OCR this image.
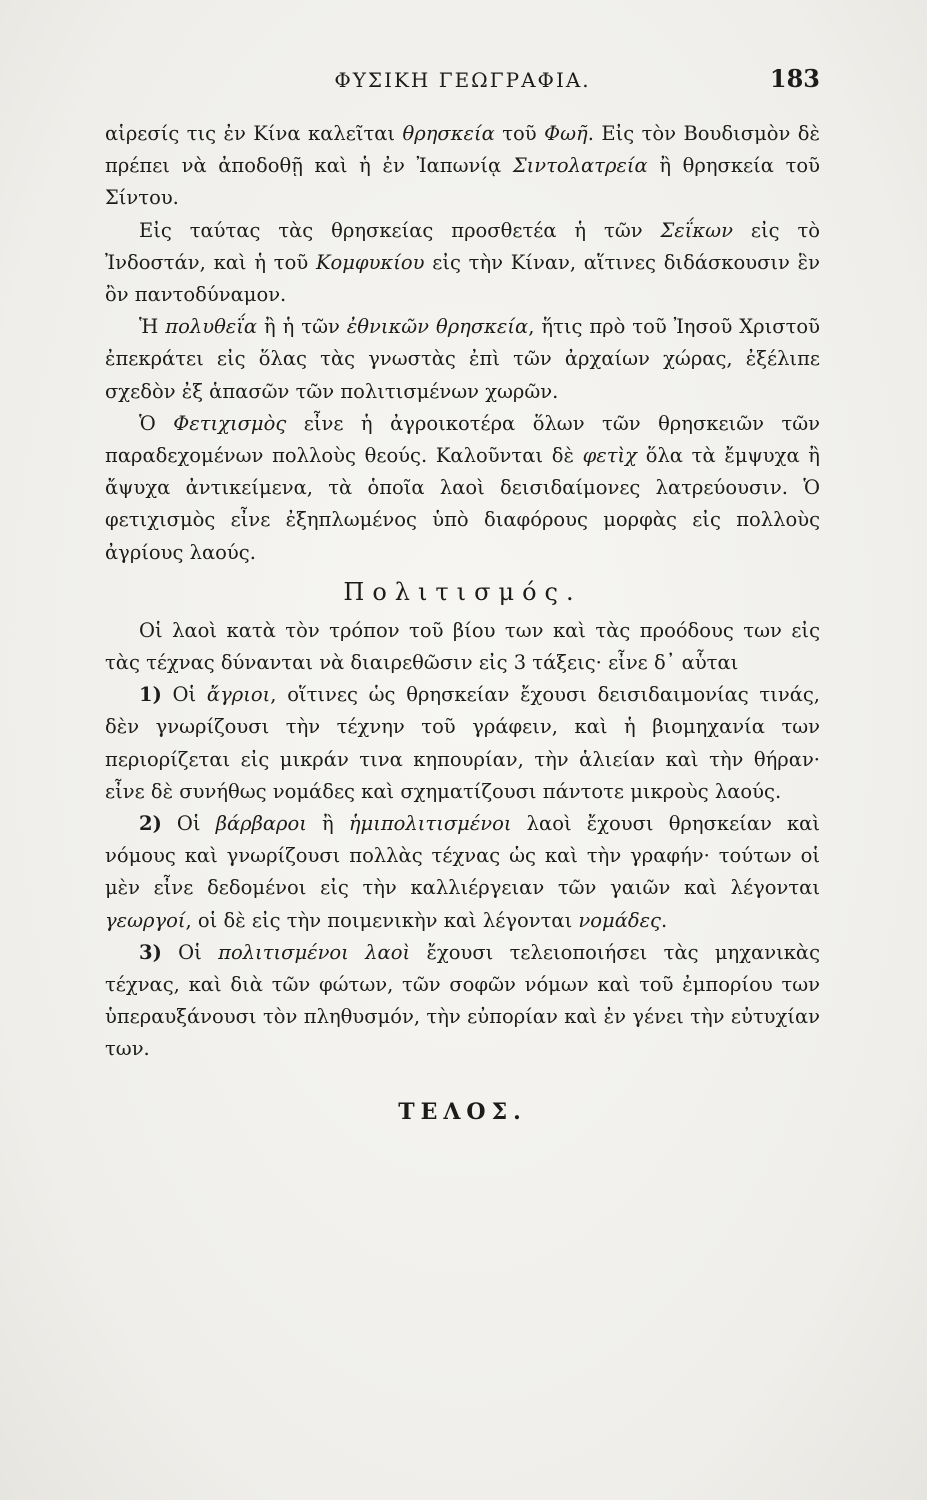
ΦΥΣΙΚΗ ΓΕΩΓΡΑΦΙΑ.	183

αἱρεσίς τις ἐν Κίνα καλεῖται θρησκεία τοῦ Φωῆ. Εἰς τὸν Βουδισμὸν δὲ πρέπει νὰ ἀποδοθῇ καὶ ἡ ἐν Ἰαπωνίᾳ Σιντολατρεία ἢ θρησκεία τοῦ Σίντου.

Εἰς ταύτας τὰς θρησκείας προσθετέα ἡ τῶν Σεΐκων εἰς τὸ Ἰνδοστάν, καὶ ἡ τοῦ Κομφυκίου εἰς τὴν Κίναν, αἵτινες διδάσκουσιν ἓν ὂν παντοδύναμον.

Ἡ πολυθεΐα ἢ ἡ τῶν ἐθνικῶν θρησκεία, ἥτις πρὸ τοῦ Ἰησοῦ Χριστοῦ ἐπεκράτει εἰς ὅλας τὰς γνωστὰς ἐπὶ τῶν ἀρχαίων χώρας, ἐξέλιπε σχεδὸν ἐξ ἁπασῶν τῶν πολιτισμένων χωρῶν.

Ὁ Φετιχισμὸς εἶνε ἡ ἀγροικοτέρα ὅλων τῶν θρησκειῶν τῶν παραδεχομένων πολλοὺς θεούς. Καλοῦνται δὲ φετὶχ ὅλα τὰ ἔμψυχα ἢ ἄψυχα ἀντικείμενα, τὰ ὁποῖα λαοὶ δεισιδαίμονες λατρεύουσιν. Ὁ φετιχισμὸς εἶνε ἐξηπλωμένος ὑπὸ διαφόρους μορφὰς εἰς πολλοὺς ἀγρίους λαούς.

Πολιτισμός.

Οἱ λαοὶ κατὰ τὸν τρόπον τοῦ βίου των καὶ τὰς προόδους των εἰς τὰς τέχνας δύνανται νὰ διαιρεθῶσιν εἰς 3 τάξεις· εἶνε δ᾽ αὗται

1) Οἱ ἄγριοι, οἵτινες ὡς θρησκείαν ἔχουσι δεισιδαιμονίας τινάς, δὲν γνωρίζουσι τὴν τέχνην τοῦ γράφειν, καὶ ἡ βιομηχανία των περιορίζεται εἰς μικράν τινα κηπουρίαν, τὴν ἁλιείαν καὶ τὴν θήραν· εἶνε δὲ συνήθως νομάδες καὶ σχηματίζουσι πάντοτε μικροὺς λαούς.

2) Οἱ βάρβαροι ἢ ἡμιπολιτισμένοι λαοὶ ἔχουσι θρησκείαν καὶ νόμους καὶ γνωρίζουσι πολλὰς τέχνας ὡς καὶ τὴν γραφήν· τούτων οἱ μὲν εἶνε δεδομένοι εἰς τὴν καλλιέργειαν τῶν γαιῶν καὶ λέγονται γεωργοί, οἱ δὲ εἰς τὴν ποιμενικὴν καὶ λέγονται νομάδες.

3) Οἱ πολιτισμένοι λαοὶ ἔχουσι τελειοποιήσει τὰς μηχανικὰς τέχνας, καὶ διὰ τῶν φώτων, τῶν σοφῶν νόμων καὶ τοῦ ἐμπορίου των ὑπεραυξάνουσι τὸν πληθυσμόν, τὴν εὐπορίαν καὶ ἐν γένει τὴν εὐτυχίαν των.

ΤΕΛΟΣ.
